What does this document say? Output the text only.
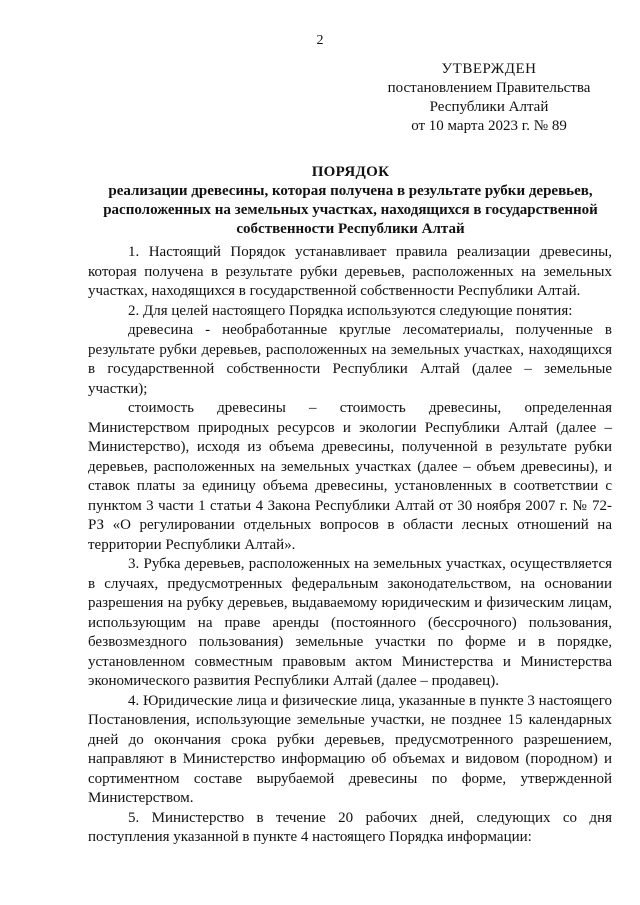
2
УТВЕРЖДЕН
постановлением Правительства
Республики Алтай
от 10 марта 2023 г. № 89
ПОРЯДОК
реализации древесины, которая получена в результате рубки деревьев,
расположенных на земельных участках, находящихся в государственной
собственности Республики Алтай

1. Настоящий Порядок устанавливает правила реализации древесины, которая получена в результате рубки деревьев, расположенных на земельных участках, находящихся в государственной собственности Республики Алтай.

2. Для целей настоящего Порядка используются следующие понятия:

древесина - необработанные круглые лесоматериалы, полученные в результате рубки деревьев, расположенных на земельных участках, находящихся в государственной собственности Республики Алтай (далее – земельные участки);

стоимость древесины – стоимость древесины, определенная Министерством природных ресурсов и экологии Республики Алтай (далее – Министерство), исходя из объема древесины, полученной в результате рубки деревьев, расположенных на земельных участках (далее – объем древесины), и ставок платы за единицу объема древесины, установленных в соответствии с пунктом 3 части 1 статьи 4 Закона Республики Алтай от 30 ноября 2007 г. № 72-РЗ «О регулировании отдельных вопросов в области лесных отношений на территории Республики Алтай».

3. Рубка деревьев, расположенных на земельных участках, осуществляется в случаях, предусмотренных федеральным законодательством, на основании разрешения на рубку деревьев, выдаваемому юридическим и физическим лицам, использующим на праве аренды (постоянного (бессрочного) пользования, безвозмездного пользования) земельные участки по форме и в порядке, установленном совместным правовым актом Министерства и Министерства экономического развития Республики Алтай (далее – продавец).

4. Юридические лица и физические лица, указанные в пункте 3 настоящего Постановления, использующие земельные участки, не позднее 15 календарных дней до окончания срока рубки деревьев, предусмотренного разрешением, направляют в Министерство информацию об объемах и видовом (породном) и сортиментном составе вырубаемой древесины по форме, утвержденной Министерством.

5. Министерство в течение 20 рабочих дней, следующих со дня поступления указанной в пункте 4 настоящего Порядка информации:
